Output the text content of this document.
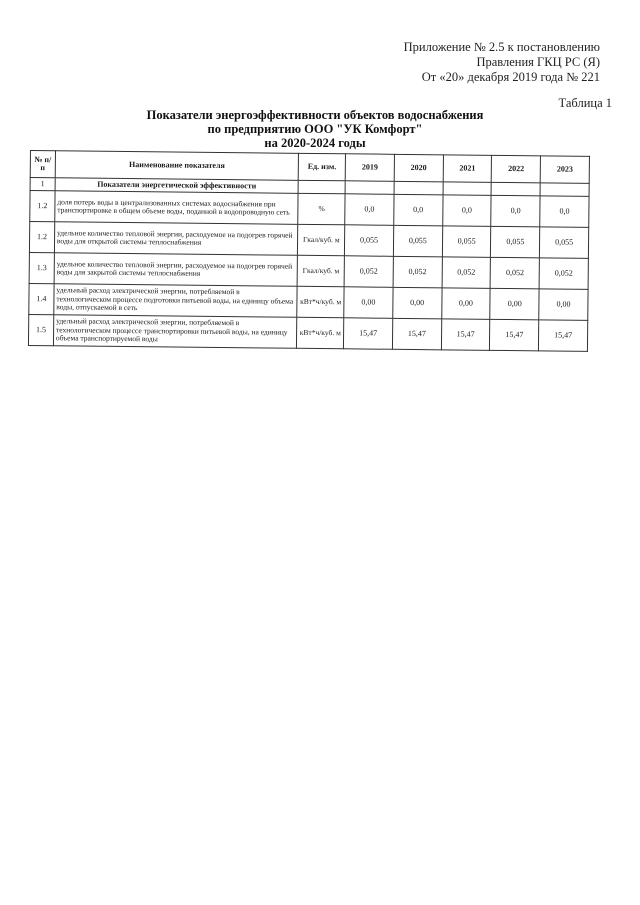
Приложение № 2.5 к постановлению
Правления ГКЦ РС (Я)
От «20» декабря 2019 года № 221
Таблица 1
Показатели энергоэффективности объектов водоснабжения
по предприятию ООО "УК Комфорт"
на 2020-2024 годы
№ п/п	Наименование показателя	Ед. изм.	2019	2020	2021	2022	2023
1	Показатели энергетической эффективности						
1.2	доля потерь воды в централизованных системах водоснабжения при транспортировке в общем объеме воды, поданной в водопроводную сеть	%	0,0	0,0	0,0	0,0	0,0
1.2	удельное количество тепловой энергии, расходуемое на подогрев горячей воды для открытой системы теплоснабжения	Гкал/куб. м	0,055	0,055	0,055	0,055	0,055
1.3	удельное количество тепловой энергии, расходуемое на подогрев горячей воды для закрытой системы теплоснабжения	Гкал/куб. м	0,052	0,052	0,052	0,052	0,052
1.4	удельный расход электрической энергии, потребляемой в технологическом процессе подготовки питьевой воды, на единицу объема воды, отпускаемой в сеть	кВт*ч/куб. м	0,00	0,00	0,00	0,00	0,00
1.5	удельный расход электрической энергии, потребляемой в технологическом процессе транспортировки питьевой воды, на единицу объема транспортируемой воды	кВт*ч/куб. м	15,47	15,47	15,47	15,47	15,47
